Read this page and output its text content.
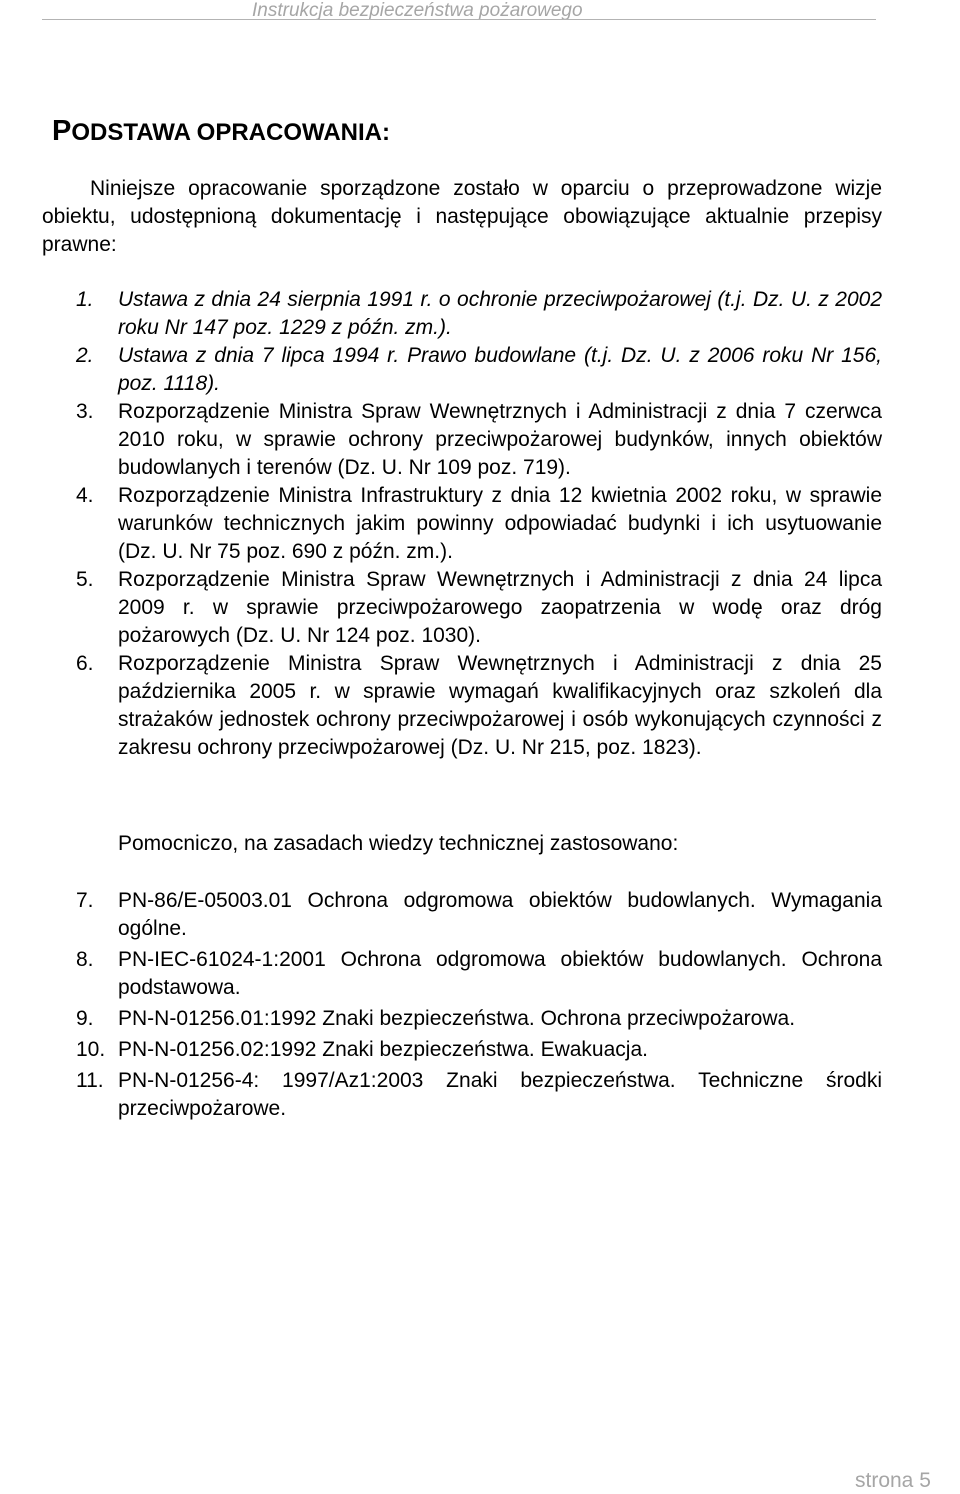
Instrukcja bezpieczeństwa pożarowego
PODSTAWA OPRACOWANIA:

Niniejsze opracowanie sporządzone zostało w oparciu o przeprowadzone wizje obiektu, udostępnioną dokumentację i następujące obowiązujące aktualnie przepisy prawne:

1. Ustawa z dnia 24 sierpnia 1991 r. o ochronie przeciwpożarowej (t.j. Dz. U. z 2002 roku Nr 147 poz. 1229 z późn. zm.).
2. Ustawa z dnia 7 lipca 1994 r. Prawo budowlane (t.j. Dz. U. z 2006 roku Nr 156, poz. 1118).
3. Rozporządzenie Ministra Spraw Wewnętrznych i Administracji z dnia 7 czerwca 2010 roku, w sprawie ochrony przeciwpożarowej budynków, innych obiektów budowlanych i terenów (Dz. U. Nr 109 poz. 719).
4. Rozporządzenie Ministra Infrastruktury z dnia 12 kwietnia 2002 roku, w sprawie warunków technicznych jakim powinny odpowiadać budynki i ich usytuowanie (Dz. U. Nr 75 poz. 690 z późn. zm.).
5. Rozporządzenie Ministra Spraw Wewnętrznych i Administracji z dnia 24 lipca 2009 r. w sprawie przeciwpożarowego zaopatrzenia w wodę oraz dróg pożarowych (Dz. U. Nr 124 poz. 1030).
6. Rozporządzenie Ministra Spraw Wewnętrznych i Administracji z dnia 25 października 2005 r. w sprawie wymagań kwalifikacyjnych oraz szkoleń dla strażaków jednostek ochrony przeciwpożarowej i osób wykonujących czynności z zakresu ochrony przeciwpożarowej (Dz. U. Nr 215, poz. 1823).
Pomocniczo, na zasadach wiedzy technicznej zastosowano:
7. PN-86/E-05003.01 Ochrona odgromowa obiektów budowlanych. Wymagania ogólne.
8. PN-IEC-61024-1:2001 Ochrona odgromowa obiektów budowlanych. Ochrona podstawowa.
9. PN-N-01256.01:1992 Znaki bezpieczeństwa. Ochrona przeciwpożarowa.
10. PN-N-01256.02:1992 Znaki bezpieczeństwa. Ewakuacja.
11. PN-N-01256-4: 1997/Az1:2003 Znaki bezpieczeństwa. Techniczne środki przeciwpożarowe.
strona 5
